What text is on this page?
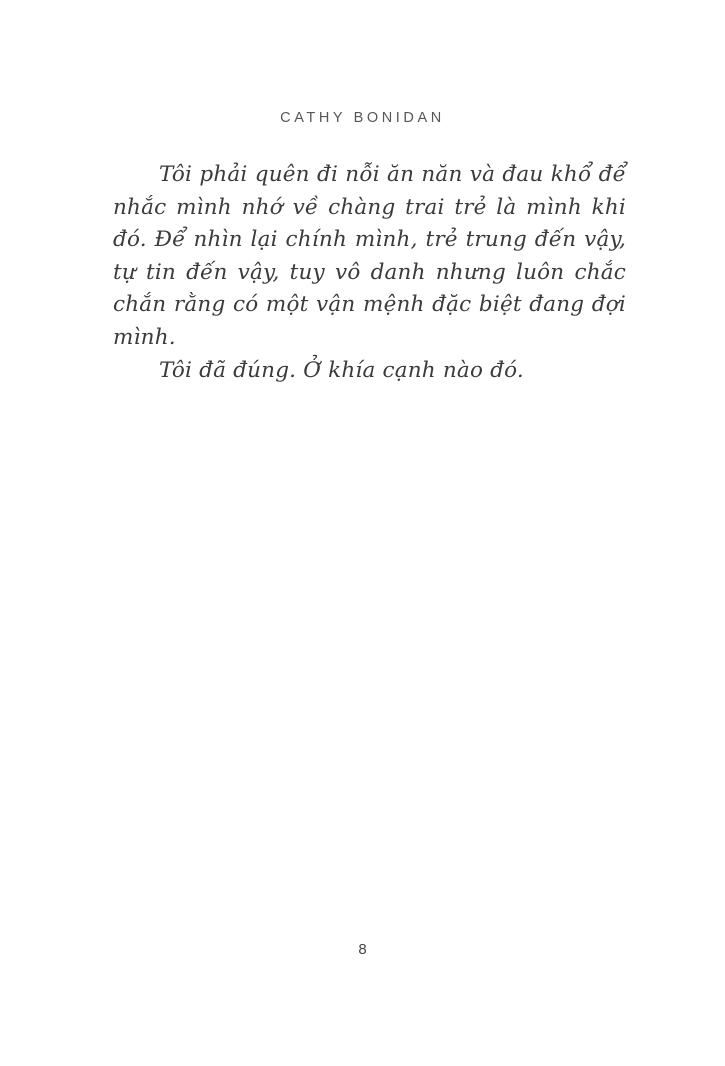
CATHY BONIDAN

Tôi phải quên đi nỗi ăn năn và đau khổ để nhắc mình nhớ về chàng trai trẻ là mình khi đó. Để nhìn lại chính mình, trẻ trung đến vậy, tự tin đến vậy, tuy vô danh nhưng luôn chắc chắn rằng có một vận mệnh đặc biệt đang đợi mình.

Tôi đã đúng. Ở khía cạnh nào đó.

8
